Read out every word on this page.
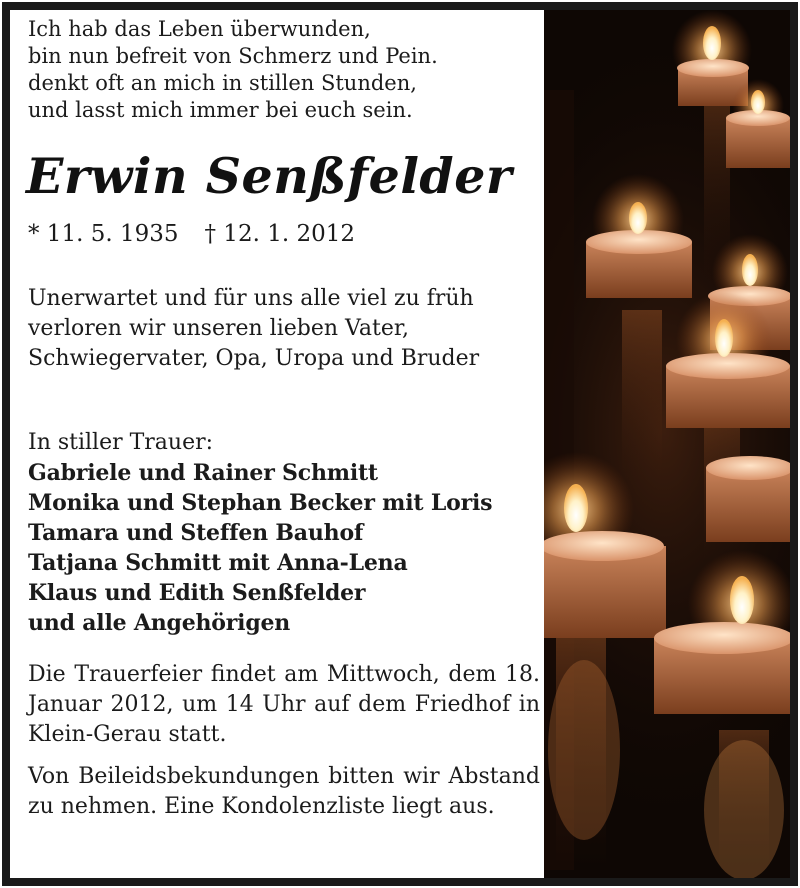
Ich hab das Leben überwunden,
bin nun befreit von Schmerz und Pein.
denkt oft an mich in stillen Stunden,
und lasst mich immer bei euch sein.
Erwin Senßfelder
* 11. 5. 1935 † 12. 1. 2012
Unerwartet und für uns alle viel zu früh
verloren wir unseren lieben Vater,
Schwiegervater, Opa, Uropa und Bruder
In stiller Trauer:
Gabriele und Rainer Schmitt
Monika und Stephan Becker mit Loris
Tamara und Steffen Bauhof
Tatjana Schmitt mit Anna-Lena
Klaus und Edith Senßfelder
und alle Angehörigen
Die Trauerfeier findet am Mittwoch, dem 18. Januar 2012, um 14 Uhr auf dem Friedhof in Klein-Gerau statt.
Von Beileidsbekundungen bitten wir Abstand zu nehmen. Eine Kondolenzliste liegt aus.
